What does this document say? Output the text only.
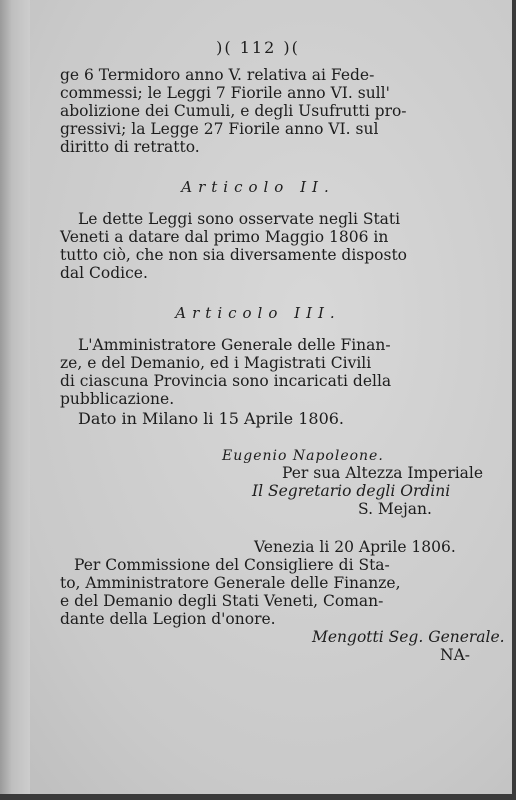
)( 112 )(
ge 6 Termidoro anno V. relativa ai Fede-
commessi; le Leggi 7 Fiorile anno VI. sull'
abolizione dei Cumuli, e degli Usufrutti pro-
gressivi; la Legge 27 Fiorile anno VI. sul
diritto di retratto.
Articolo II.
Le dette Leggi sono osservate negli Stati
Veneti a datare dal primo Maggio 1806 in
tutto ciò, che non sia diversamente disposto
dal Codice.
Articolo III.
L'Amministratore Generale delle Finan-
ze, e del Demanio, ed i Magistrati Civili
di ciascuna Provincia sono incaricati della
pubblicazione.
Dato in Milano li 15 Aprile 1806.
Eugenio Napoleone.
Per sua Altezza Imperiale
Il Segretario degli Ordini
S. Mejan.
Venezia li 20 Aprile 1806.
Per Commissione del Consigliere di Sta-
to, Amministratore Generale delle Finanze,
e del Demanio degli Stati Veneti, Coman-
dante della Legion d'onore.
Mengotti Seg. Generale.
NA-
